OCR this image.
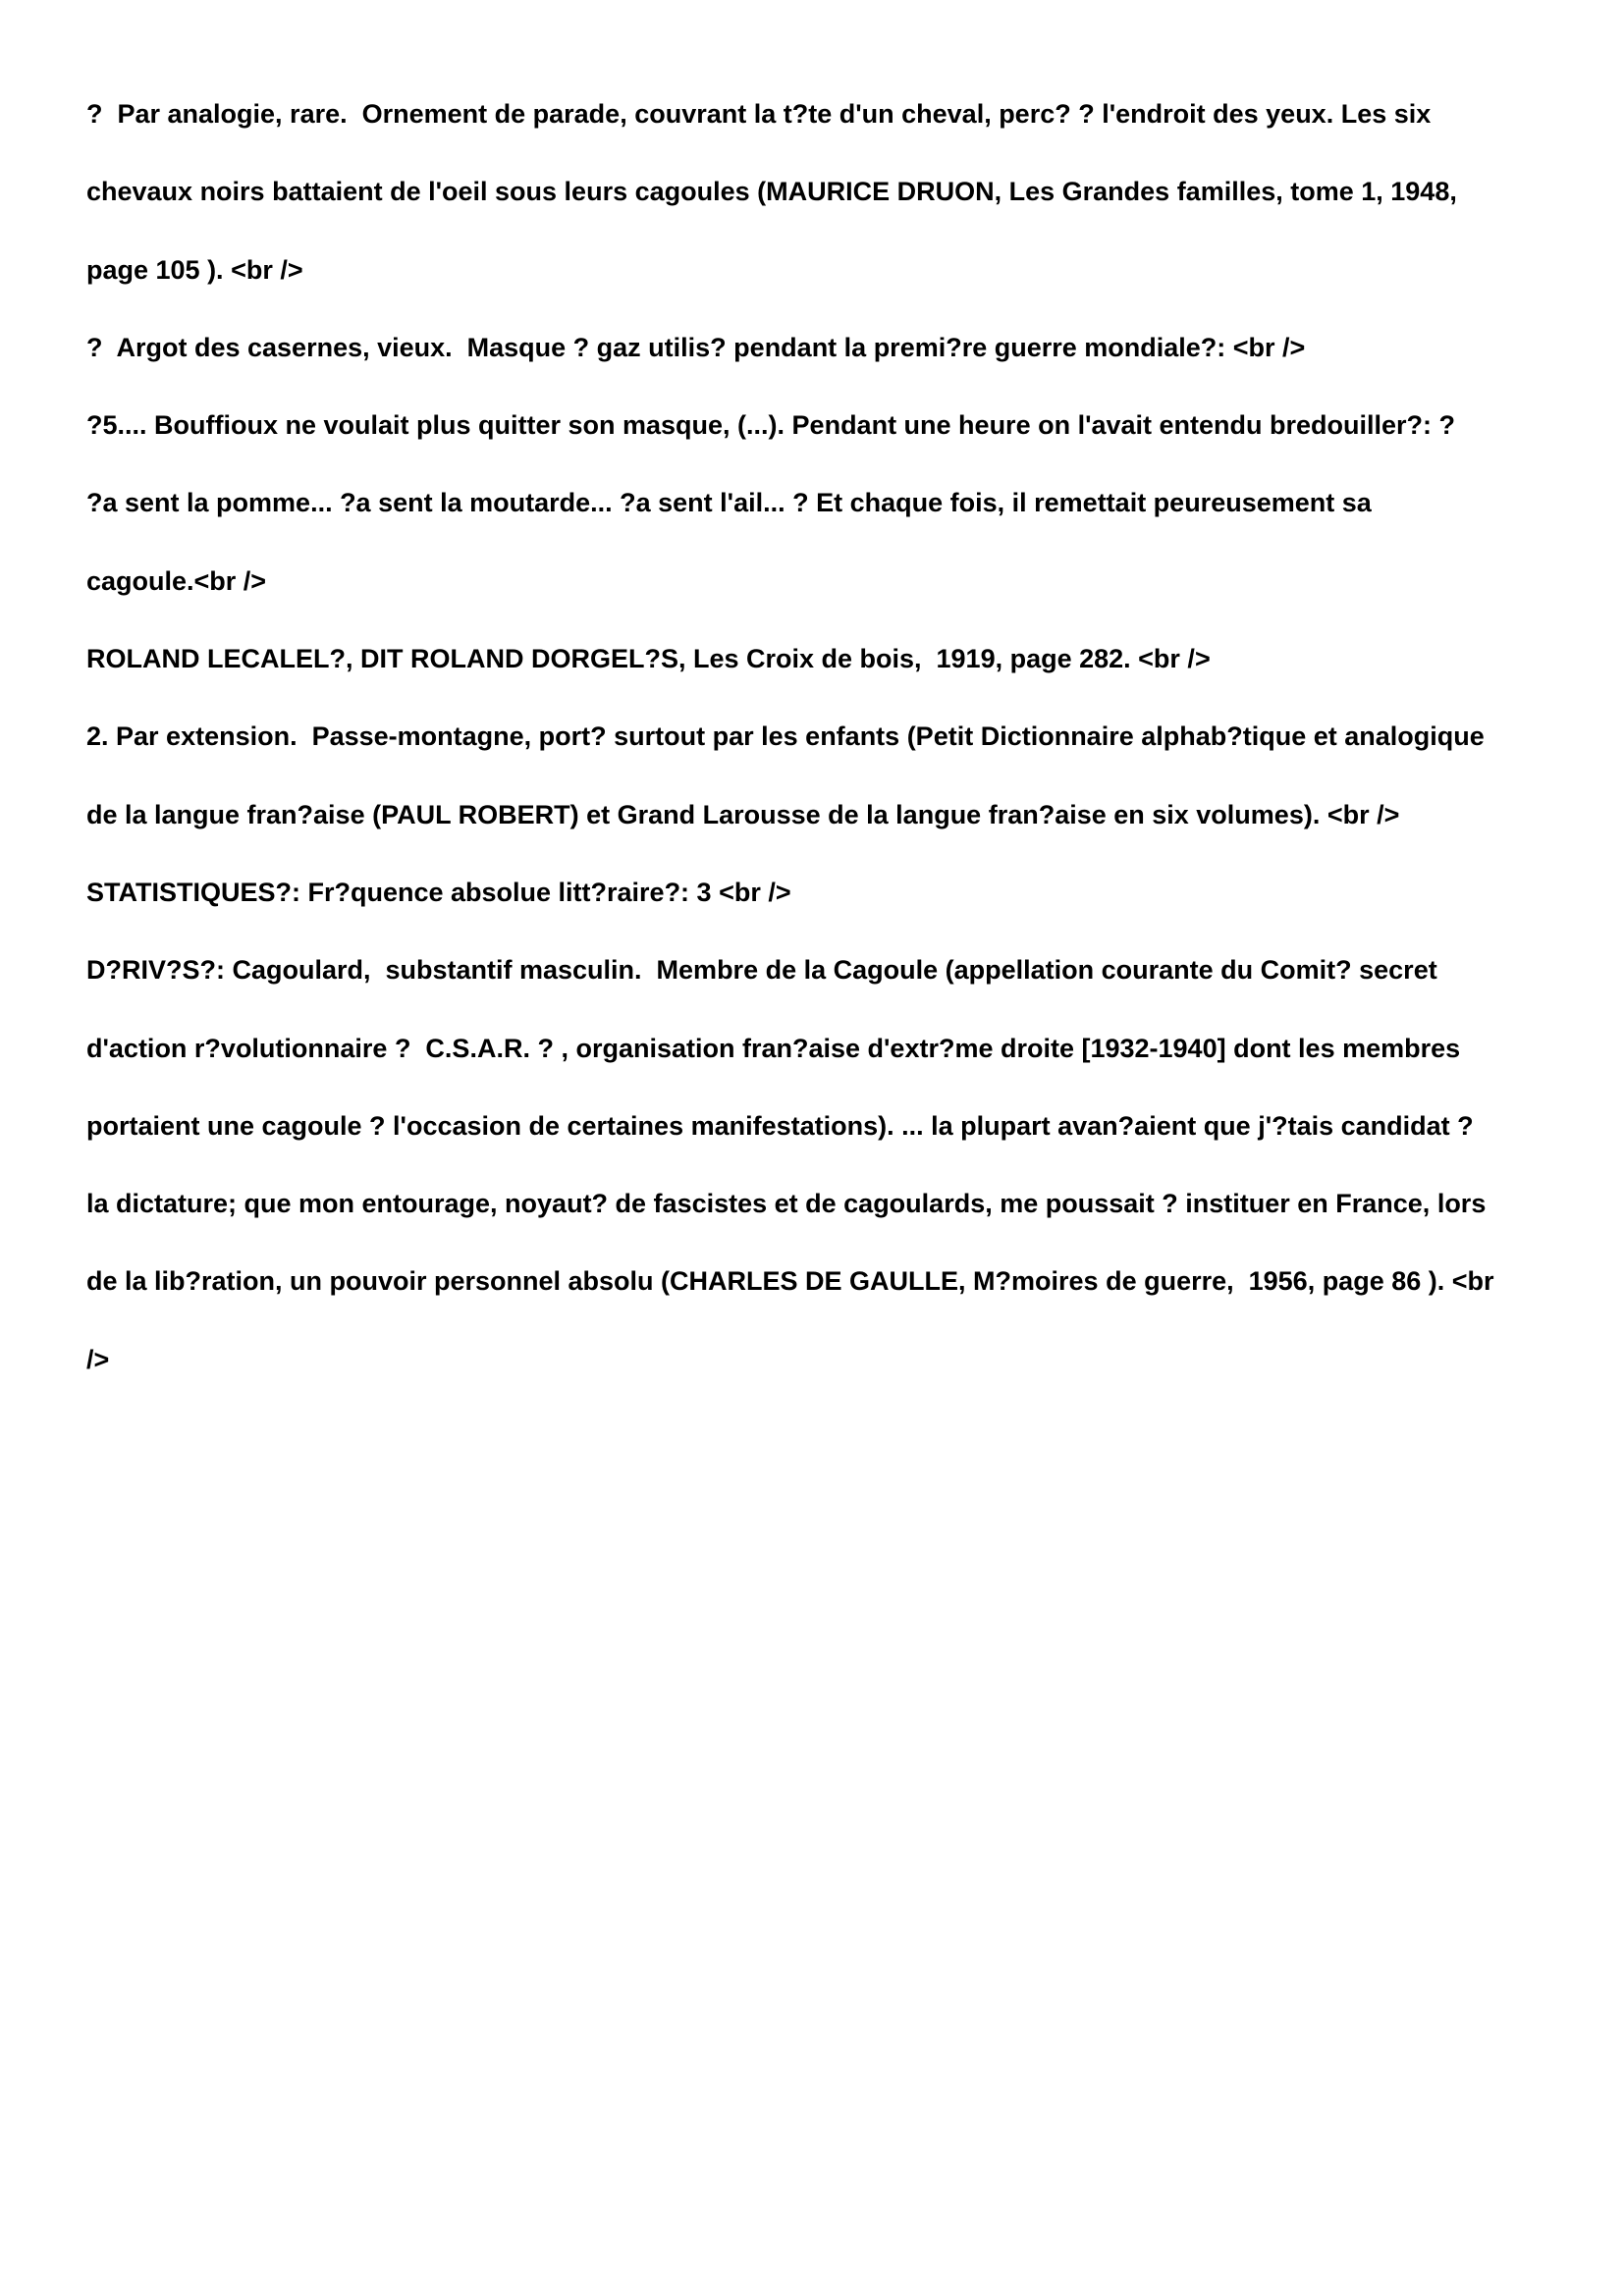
?  Par analogie, rare.  Ornement de parade, couvrant la t?te d'un cheval, perc? ? l'endroit des yeux. Les six
chevaux noirs battaient de l'oeil sous leurs cagoules (MAURICE DRUON, Les Grandes familles, tome 1, 1948,
page 105 ). <br />
?  Argot des casernes, vieux.  Masque ? gaz utilis? pendant la premi?re guerre mondiale?: <br />
?5.... Bouffioux ne voulait plus quitter son masque, (...). Pendant une heure on l'avait entendu bredouiller?: ?
?a sent la pomme... ?a sent la moutarde... ?a sent l'ail... ? Et chaque fois, il remettait peureusement sa
cagoule.<br />
ROLAND LECALEL?, DIT ROLAND DORGEL?S, Les Croix de bois,  1919, page 282. <br />
2. Par extension.  Passe-montagne, port? surtout par les enfants (Petit Dictionnaire alphab?tique et analogique
de la langue fran?aise (PAUL ROBERT) et Grand Larousse de la langue fran?aise en six volumes). <br />
STATISTIQUES?: Fr?quence absolue litt?raire?: 3 <br />
D?RIV?S?: Cagoulard,  substantif masculin.  Membre de la Cagoule (appellation courante du Comit? secret
d'action r?volutionnaire ?  C.S.A.R. ? , organisation fran?aise d'extr?me droite [1932-1940] dont les membres
portaient une cagoule ? l'occasion de certaines manifestations). ... la plupart avan?aient que j'?tais candidat ?
la dictature; que mon entourage, noyaut? de fascistes et de cagoulards, me poussait ? instituer en France, lors
de la lib?ration, un pouvoir personnel absolu (CHARLES DE GAULLE, M?moires de guerre,  1956, page 86 ). <br
/>
